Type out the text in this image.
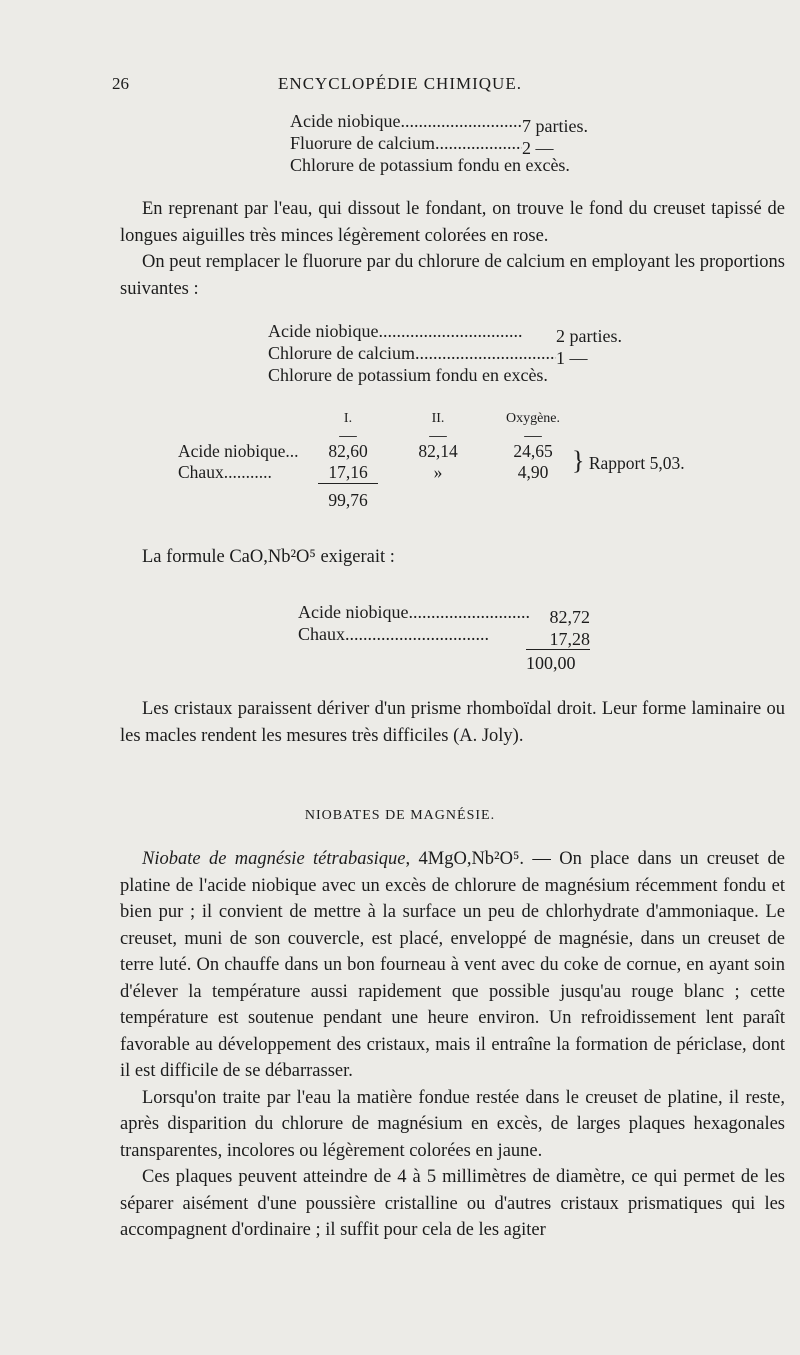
26	ENCYCLOPÉDIE CHIMIQUE.
Acide niobique .....	7 parties.
Fluorure de calcium .....	2 —
Chlorure de potassium fondu en excès.

En reprenant par l'eau, qui dissout le fondant, on trouve le fond du creuset tapissé de longues aiguilles très minces légèrement colorées en rose.

On peut remplacer le fluorure par du chlorure de calcium en employant les proportions suivantes :

Acide niobique .....	2 parties.
Chlorure de calcium .....	1 —
Chlorure de potassium fondu en excès.
	I.		II.		Oxygène.	
	—		—		—	
Acide niobique...	82,60		82,14		24,65	} Rapport 5,03.
Chaux...........	17,16		»		4,90	
	99,76					

La formule CaO,Nb²O⁵ exigerait :

Acide niobique .....	82,72
Chaux .....	17,28
100,00

Les cristaux paraissent dériver d'un prisme rhomboïdal droit. Leur forme laminaire ou les macles rendent les mesures très difficiles (A. Joly).

NIOBATES DE MAGNÉSIE.

Niobate de magnésie tétrabasique, 4MgO,Nb²O⁵. — On place dans un creuset de platine de l'acide niobique avec un excès de chlorure de magnésium récemment fondu et bien pur ; il convient de mettre à la surface un peu de chlorhydrate d'ammoniaque. Le creuset, muni de son couvercle, est placé, enveloppé de magnésie, dans un creuset de terre luté. On chauffe dans un bon fourneau à vent avec du coke de cornue, en ayant soin d'élever la température aussi rapidement que possible jusqu'au rouge blanc ; cette température est soutenue pendant une heure environ. Un refroidissement lent paraît favorable au développement des cristaux, mais il entraîne la formation de périclase, dont il est difficile de se débarrasser.

Lorsqu'on traite par l'eau la matière fondue restée dans le creuset de platine, il reste, après disparition du chlorure de magnésium en excès, de larges plaques hexagonales transparentes, incolores ou légèrement colorées en jaune.

Ces plaques peuvent atteindre de 4 à 5 millimètres de diamètre, ce qui permet de les séparer aisément d'une poussière cristalline ou d'autres cristaux prismatiques qui les accompagnent d'ordinaire ; il suffit pour cela de les agiter
